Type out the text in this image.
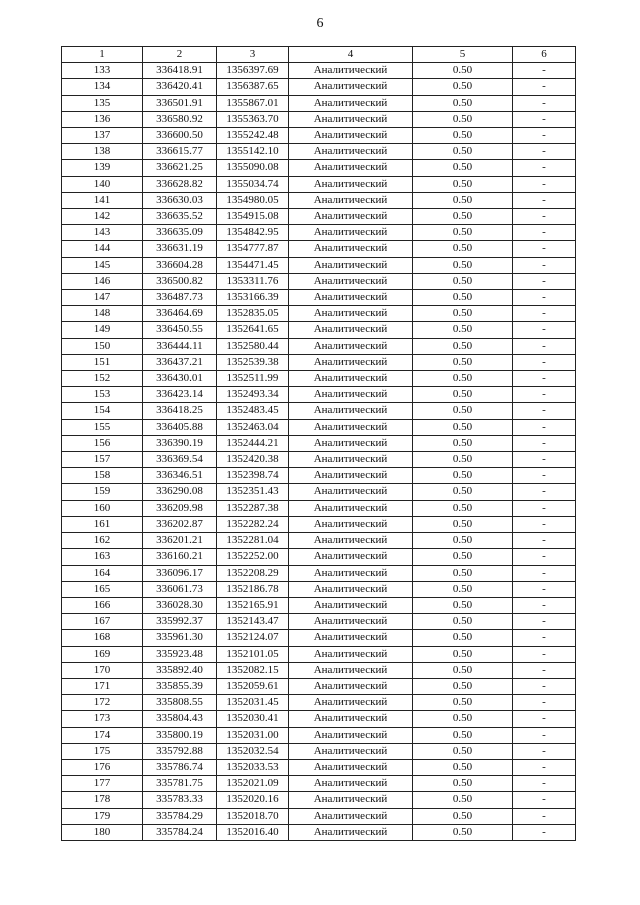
6
1	2	3	4	5	6
133	336418.91	1356397.69	Аналитический	0.50	-
134	336420.41	1356387.65	Аналитический	0.50	-
135	336501.91	1355867.01	Аналитический	0.50	-
136	336580.92	1355363.70	Аналитический	0.50	-
137	336600.50	1355242.48	Аналитический	0.50	-
138	336615.77	1355142.10	Аналитический	0.50	-
139	336621.25	1355090.08	Аналитический	0.50	-
140	336628.82	1355034.74	Аналитический	0.50	-
141	336630.03	1354980.05	Аналитический	0.50	-
142	336635.52	1354915.08	Аналитический	0.50	-
143	336635.09	1354842.95	Аналитический	0.50	-
144	336631.19	1354777.87	Аналитический	0.50	-
145	336604.28	1354471.45	Аналитический	0.50	-
146	336500.82	1353311.76	Аналитический	0.50	-
147	336487.73	1353166.39	Аналитический	0.50	-
148	336464.69	1352835.05	Аналитический	0.50	-
149	336450.55	1352641.65	Аналитический	0.50	-
150	336444.11	1352580.44	Аналитический	0.50	-
151	336437.21	1352539.38	Аналитический	0.50	-
152	336430.01	1352511.99	Аналитический	0.50	-
153	336423.14	1352493.34	Аналитический	0.50	-
154	336418.25	1352483.45	Аналитический	0.50	-
155	336405.88	1352463.04	Аналитический	0.50	-
156	336390.19	1352444.21	Аналитический	0.50	-
157	336369.54	1352420.38	Аналитический	0.50	-
158	336346.51	1352398.74	Аналитический	0.50	-
159	336290.08	1352351.43	Аналитический	0.50	-
160	336209.98	1352287.38	Аналитический	0.50	-
161	336202.87	1352282.24	Аналитический	0.50	-
162	336201.21	1352281.04	Аналитический	0.50	-
163	336160.21	1352252.00	Аналитический	0.50	-
164	336096.17	1352208.29	Аналитический	0.50	-
165	336061.73	1352186.78	Аналитический	0.50	-
166	336028.30	1352165.91	Аналитический	0.50	-
167	335992.37	1352143.47	Аналитический	0.50	-
168	335961.30	1352124.07	Аналитический	0.50	-
169	335923.48	1352101.05	Аналитический	0.50	-
170	335892.40	1352082.15	Аналитический	0.50	-
171	335855.39	1352059.61	Аналитический	0.50	-
172	335808.55	1352031.45	Аналитический	0.50	-
173	335804.43	1352030.41	Аналитический	0.50	-
174	335800.19	1352031.00	Аналитический	0.50	-
175	335792.88	1352032.54	Аналитический	0.50	-
176	335786.74	1352033.53	Аналитический	0.50	-
177	335781.75	1352021.09	Аналитический	0.50	-
178	335783.33	1352020.16	Аналитический	0.50	-
179	335784.29	1352018.70	Аналитический	0.50	-
180	335784.24	1352016.40	Аналитический	0.50	-
